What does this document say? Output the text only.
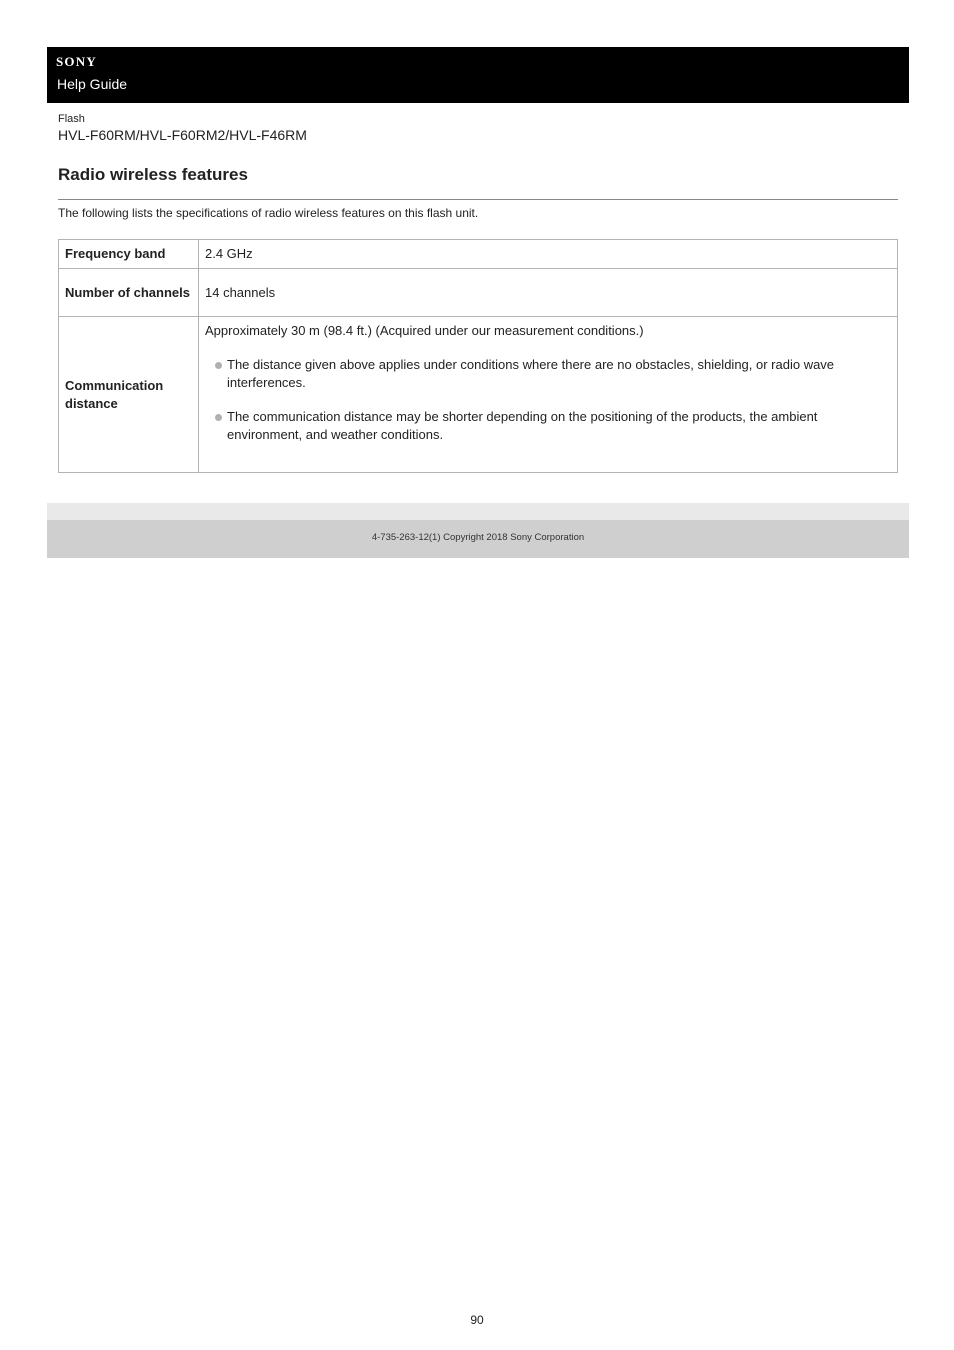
SONY
Help Guide
Flash
HVL-F60RM/HVL-F60RM2/HVL-F46RM
Radio wireless features
The following lists the specifications of radio wireless features on this flash unit.
Frequency band	2.4 GHz
Number of channels	14 channels
Communication distance	Approximately 30 m (98.4 ft.) (Acquired under our measurement conditions.)
The distance given above applies under conditions where there are no obstacles, shielding, or radio wave interferences.
The communication distance may be shorter depending on the positioning of the products, the ambient environment, and weather conditions.
4-735-263-12(1) Copyright 2018 Sony Corporation
90
